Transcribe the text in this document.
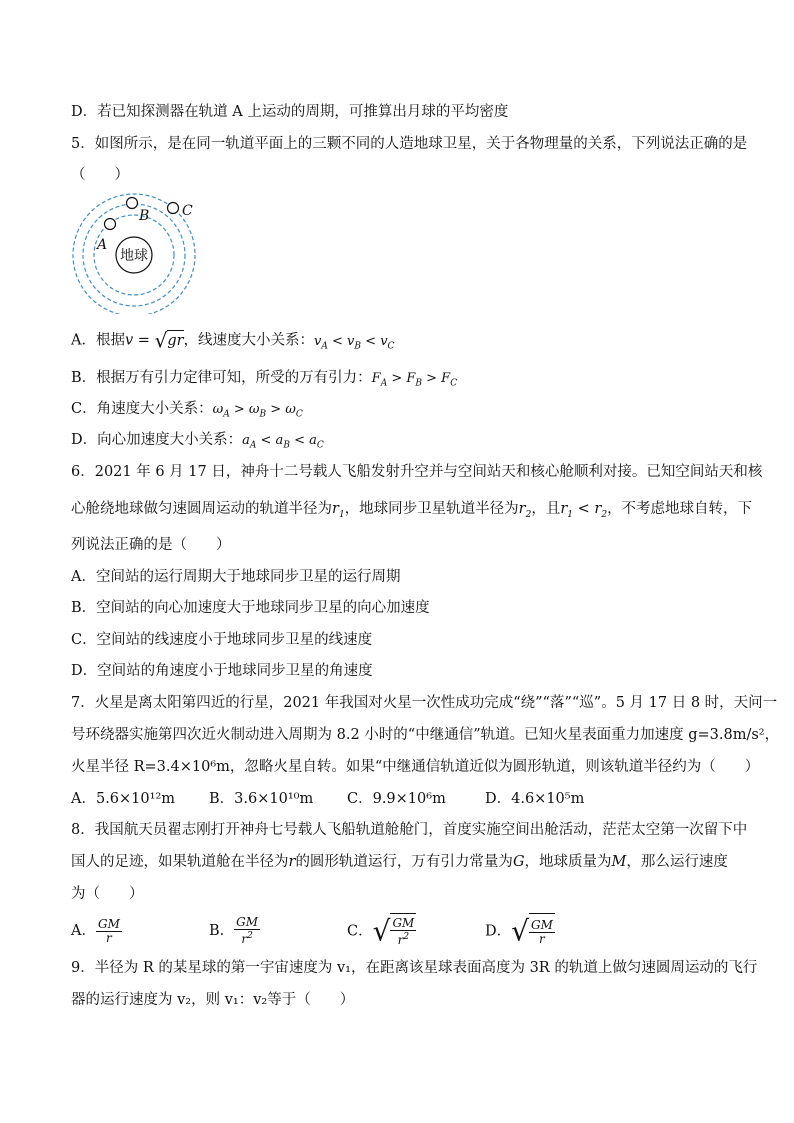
D．若已知探测器在轨道 A 上运动的周期，可推算出月球的平均密度
5．如图所示，是在同一轨道平面上的三颗不同的人造地球卫星，关于各物理量的关系，下列说法正确的是
（　　）
地球
A
B C
A．根据v = √gr，线速度大小关系：$v_A < v_B < v_C$
B．根据万有引力定律可知，所受的万有引力：$F_A > F_B > F_C$
C．角速度大小关系：$\omega_A > \omega_B > \omega_C$
D．向心加速度大小关系：$a_A < a_B < a_C$
6．2021 年 6 月 17 日，神舟十二号载人飞船发射升空并与空间站天和核心舱顺利对接。已知空间站天和核
心舱绕地球做匀速圆周运动的轨道半径为$r_1$，地球同步卫星轨道半径为$r_2$，且$r_1 < r_2$，不考虑地球自转，下
列说法正确的是（　　）
A．空间站的运行周期大于地球同步卫星的运行周期
B．空间站的向心加速度大于地球同步卫星的向心加速度
C．空间站的线速度小于地球同步卫星的线速度
D．空间站的角速度小于地球同步卫星的角速度
7．火星是离太阳第四近的行星，2021 年我国对火星一次性成功完成“绕”“落”“巡”。5 月 17 日 8 时，天问一
号环绕器实施第四次近火制动进入周期为 8.2 小时的“中继通信”轨道。已知火星表面重力加速度 g=3.8m/s²，
火星半径 R=3.4×10⁶m，忽略火星自转。如果“中继通信轨道近似为圆形轨道，则该轨道半径约为（　　）
A．5.6×10¹²m B．3.6×10¹⁰m C．9.9×10⁶m	D．4.6×10⁵m
8．我国航天员翟志刚打开神舟七号载人飞船轨道舱舱门，首度实施空间出舱活动，茫茫太空第一次留下中
国人的足迹，如果轨道舱在半径为r的圆形轨道运行，万有引力常量为G，地球质量为M，那么运行速度
为（　　）
A． $\frac{GM}{r}$	B． $\frac{GM}{r^2}$	C．√ $\frac{GM}{r^2}$	D．√ $\frac{GM}{r}$
9．半径为 R 的某星球的第一宇宙速度为 v₁，在距离该星球表面高度为 3R 的轨道上做匀速圆周运动的飞行
器的运行速度为 v₂，则 v₁：v₂等于（　　）
